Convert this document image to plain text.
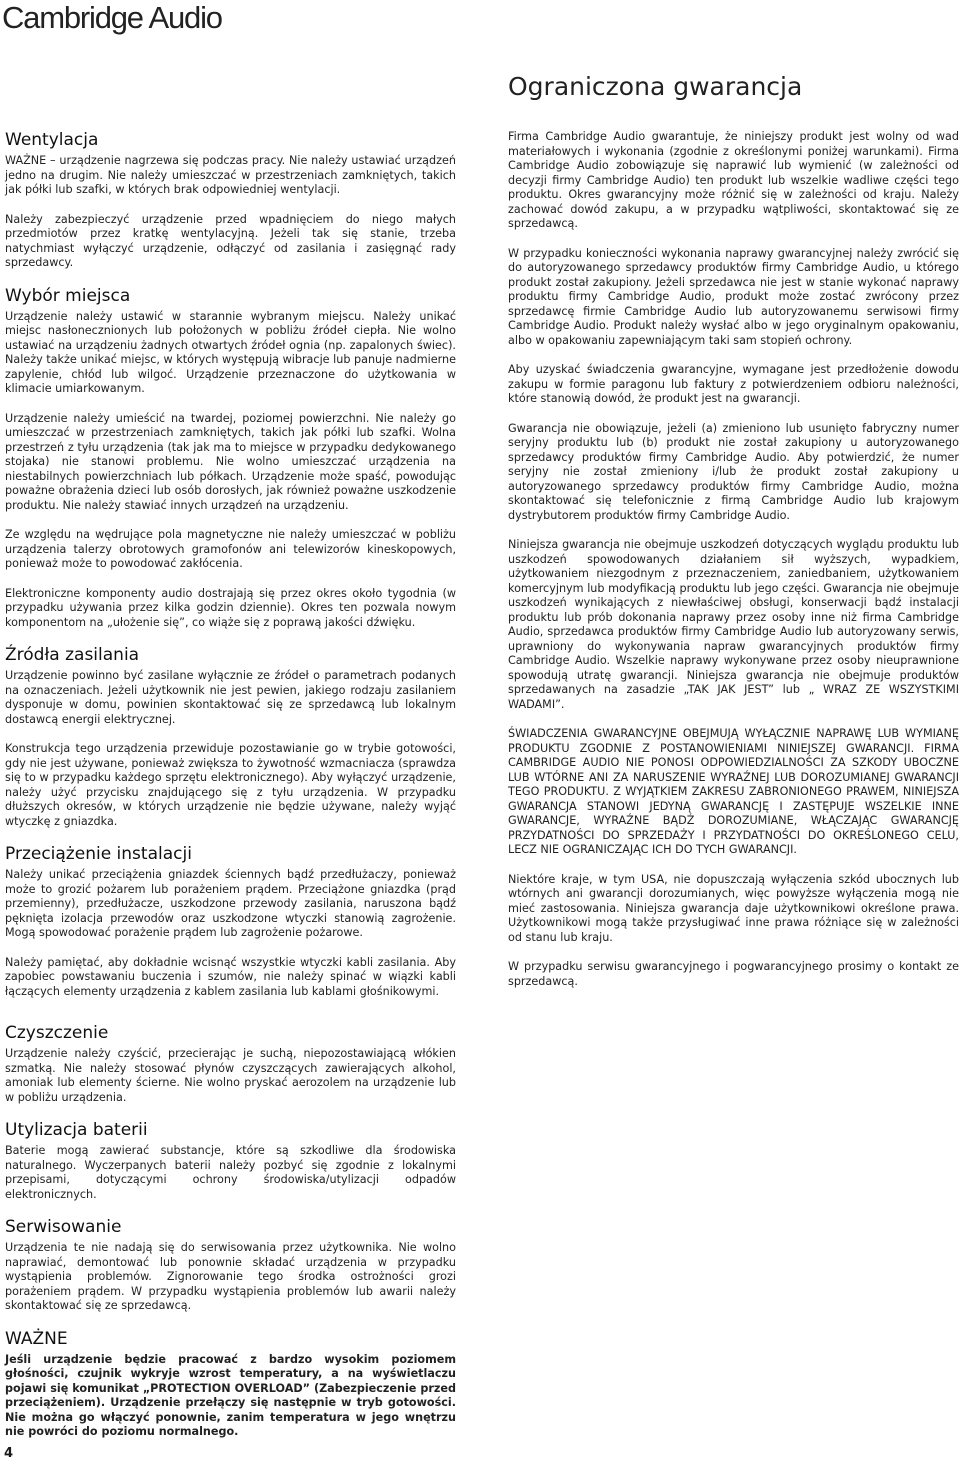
Cambridge Audio
Ograniczona gwarancja
Wentylacja

WAŻNE – urządzenie nagrzewa się podczas pracy. Nie należy ustawiać urządzeń jedno na drugim. Nie należy umieszczać w przestrzeniach zamkniętych, takich jak półki lub szafki, w których brak odpowiedniej wentylacji.

Należy zabezpieczyć urządzenie przed wpadnięciem do niego małych przedmiotów przez kratkę wentylacyjną. Jeżeli tak się stanie, trzeba natychmiast wyłączyć urządzenie, odłączyć od zasilania i zasięgnąć rady sprzedawcy.

Wybór miejsca

Urządzenie należy ustawić w starannie wybranym miejscu. Należy unikać miejsc nasłonecznionych lub położonych w pobliżu źródeł ciepła. Nie wolno ustawiać na urządzeniu żadnych otwartych źródeł ognia (np. zapalonych świec). Należy także unikać miejsc, w których występują wibracje lub panuje nadmierne zapylenie, chłód lub wilgoć. Urządzenie przeznaczone do użytkowania w klimacie umiarkowanym.

Urządzenie należy umieścić na twardej, poziomej powierzchni. Nie należy go umieszczać w przestrzeniach zamkniętych, takich jak półki lub szafki. Wolna przestrzeń z tyłu urządzenia (tak jak ma to miejsce w przypadku dedykowanego stojaka) nie stanowi problemu. Nie wolno umieszczać urządzenia na niestabilnych powierzchniach lub półkach. Urządzenie może spaść, powodując poważne obrażenia dzieci lub osób dorosłych, jak również poważne uszkodzenie produktu. Nie należy stawiać innych urządzeń na urządzeniu.

Ze względu na wędrujące pola magnetyczne nie należy umieszczać w pobliżu urządzenia talerzy obrotowych gramofonów ani telewizorów kineskopowych, ponieważ może to powodować zakłócenia.

Elektroniczne komponenty audio dostrajają się przez okres około tygodnia (w przypadku używania przez kilka godzin dziennie). Okres ten pozwala nowym komponentom na „ułożenie się”, co wiąże się z poprawą jakości dźwięku.

Źródła zasilania

Urządzenie powinno być zasilane wyłącznie ze źródeł o parametrach podanych na oznaczeniach. Jeżeli użytkownik nie jest pewien, jakiego rodzaju zasilaniem dysponuje w domu, powinien skontaktować się ze sprzedawcą lub lokalnym dostawcą energii elektrycznej.

Konstrukcja tego urządzenia przewiduje pozostawianie go w trybie gotowości, gdy nie jest używane, ponieważ zwiększa to żywotność wzmacniacza (sprawdza się to w przypadku każdego sprzętu elektronicznego). Aby wyłączyć urządzenie, należy użyć przycisku znajdującego się z tyłu urządzenia. W przypadku dłuższych okresów, w których urządzenie nie będzie używane, należy wyjąć wtyczkę z gniazdka.

Przeciążenie instalacji

Należy unikać przeciążenia gniazdek ściennych bądź przedłużaczy, ponieważ może to grozić pożarem lub porażeniem prądem. Przeciążone gniazdka (prąd przemienny), przedłużacze, uszkodzone przewody zasilania, naruszona bądź pęknięta izolacja przewodów oraz uszkodzone wtyczki stanowią zagrożenie. Mogą spowodować porażenie prądem lub zagrożenie pożarowe.

Należy pamiętać, aby dokładnie wcisnąć wszystkie wtyczki kabli zasilania. Aby zapobiec powstawaniu buczenia i szumów, nie należy spinać w wiązki kabli łączących elementy urządzenia z kablem zasilania lub kablami głośnikowymi.

Czyszczenie

Urządzenie należy czyścić, przecierając je suchą, niepozostawiającą włókien szmatką. Nie należy stosować płynów czyszczących zawierających alkohol, amoniak lub elementy ścierne. Nie wolno pryskać aerozolem na urządzenie lub w pobliżu urządzenia.

Utylizacja baterii

Baterie mogą zawierać substancje, które są szkodliwe dla środowiska naturalnego. Wyczerpanych baterii należy pozbyć się zgodnie z lokalnymi przepisami, dotyczącymi ochrony środowiska/utylizacji odpadów elektronicznych.

Serwisowanie

Urządzenia te nie nadają się do serwisowania przez użytkownika. Nie wolno naprawiać, demontować lub ponownie składać urządzenia w przypadku wystąpienia problemów. Zignorowanie tego środka ostrożności grozi porażeniem prądem. W przypadku wystąpienia problemów lub awarii należy skontaktować się ze sprzedawcą.

WAŻNE

Jeśli urządzenie będzie pracować z bardzo wysokim poziomem głośności, czujnik wykryje wzrost temperatury, a na wyświetlaczu pojawi się komunikat „PROTECTION OVERLOAD” (Zabezpieczenie przed przeciążeniem). Urządzenie przełączy się następnie w tryb gotowości. Nie można go włączyć ponownie, zanim temperatura w jego wnętrzu nie powróci do poziomu normalnego.

Firma Cambridge Audio gwarantuje, że niniejszy produkt jest wolny od wad materiałowych i wykonania (zgodnie z określonymi poniżej warunkami). Firma Cambridge Audio zobowiązuje się naprawić lub wymienić (w zależności od decyzji firmy Cambridge Audio) ten produkt lub wszelkie wadliwe części tego produktu. Okres gwarancyjny może różnić się w zależności od kraju. Należy zachować dowód zakupu, a w przypadku wątpliwości, skontaktować się ze sprzedawcą.

W przypadku konieczności wykonania naprawy gwarancyjnej należy zwrócić się do autoryzowanego sprzedawcy produktów firmy Cambridge Audio, u którego produkt został zakupiony. Jeżeli sprzedawca nie jest w stanie wykonać naprawy produktu firmy Cambridge Audio, produkt może zostać zwrócony przez sprzedawcę firmie Cambridge Audio lub autoryzowanemu serwisowi firmy Cambridge Audio. Produkt należy wysłać albo w jego oryginalnym opakowaniu, albo w opakowaniu zapewniającym taki sam stopień ochrony.

Aby uzyskać świadczenia gwarancyjne, wymagane jest przedłożenie dowodu zakupu w formie paragonu lub faktury z potwierdzeniem odbioru należności, które stanowią dowód, że produkt jest na gwarancji.

Gwarancja nie obowiązuje, jeżeli (a) zmieniono lub usunięto fabryczny numer seryjny produktu lub (b) produkt nie został zakupiony u autoryzowanego sprzedawcy produktów firmy Cambridge Audio. Aby potwierdzić, że numer seryjny nie został zmieniony i/lub że produkt został zakupiony u autoryzowanego sprzedawcy produktów firmy Cambridge Audio, można skontaktować się telefonicznie z firmą Cambridge Audio lub krajowym dystrybutorem produktów firmy Cambridge Audio.

Niniejsza gwarancja nie obejmuje uszkodzeń dotyczących wyglądu produktu lub uszkodzeń spowodowanych działaniem sił wyższych, wypadkiem, użytkowaniem niezgodnym z przeznaczeniem, zaniedbaniem, użytkowaniem komercyjnym lub modyfikacją produktu lub jego części. Gwarancja nie obejmuje uszkodzeń wynikających z niewłaściwej obsługi, konserwacji bądź instalacji produktu lub prób dokonania naprawy przez osoby inne niż firma Cambridge Audio, sprzedawca produktów firmy Cambridge Audio lub autoryzowany serwis, uprawniony do wykonywania napraw gwarancyjnych produktów firmy Cambridge Audio. Wszelkie naprawy wykonywane przez osoby nieuprawnione spowodują utratę gwarancji. Niniejsza gwarancja nie obejmuje produktów sprzedawanych na zasadzie „TAK JAK JEST” lub „ WRAZ ZE WSZYSTKIMI WADAMI”.

ŚWIADCZENIA GWARANCYJNE OBEJMUJĄ WYŁĄCZNIE NAPRAWĘ LUB WYMIANĘ PRODUKTU ZGODNIE Z POSTANOWIENIAMI NINIEJSZEJ GWARANCJI. FIRMA CAMBRIDGE AUDIO NIE PONOSI ODPOWIEDZIALNOŚCI ZA SZKODY UBOCZNE LUB WTÓRNE ANI ZA NARUSZENIE WYRAŹNEJ LUB DOROZUMIANEJ GWARANCJI TEGO PRODUKTU. Z WYJĄTKIEM ZAKRESU ZABRONIONEGO PRAWEM, NINIEJSZA GWARANCJA STANOWI JEDYNĄ GWARANCJĘ I ZASTĘPUJE WSZELKIE INNE GWARANCJE, WYRAŹNE BĄDŹ DOROZUMIANE, WŁĄCZAJĄC GWARANCJĘ PRZYDATNOŚCI DO SPRZEDAŻY I PRZYDATNOŚCI DO OKREŚLONEGO CELU, LECZ NIE OGRANICZAJĄC ICH DO TYCH GWARANCJI.

Niektóre kraje, w tym USA, nie dopuszczają wyłączenia szkód ubocznych lub wtórnych ani gwarancji dorozumianych, więc powyższe wyłączenia mogą nie mieć zastosowania. Niniejsza gwarancja daje użytkownikowi określone prawa. Użytkownikowi mogą także przysługiwać inne prawa różniące się w zależności od stanu lub kraju.

W przypadku serwisu gwarancyjnego i pogwarancyjnego prosimy o kontakt ze sprzedawcą.

4
